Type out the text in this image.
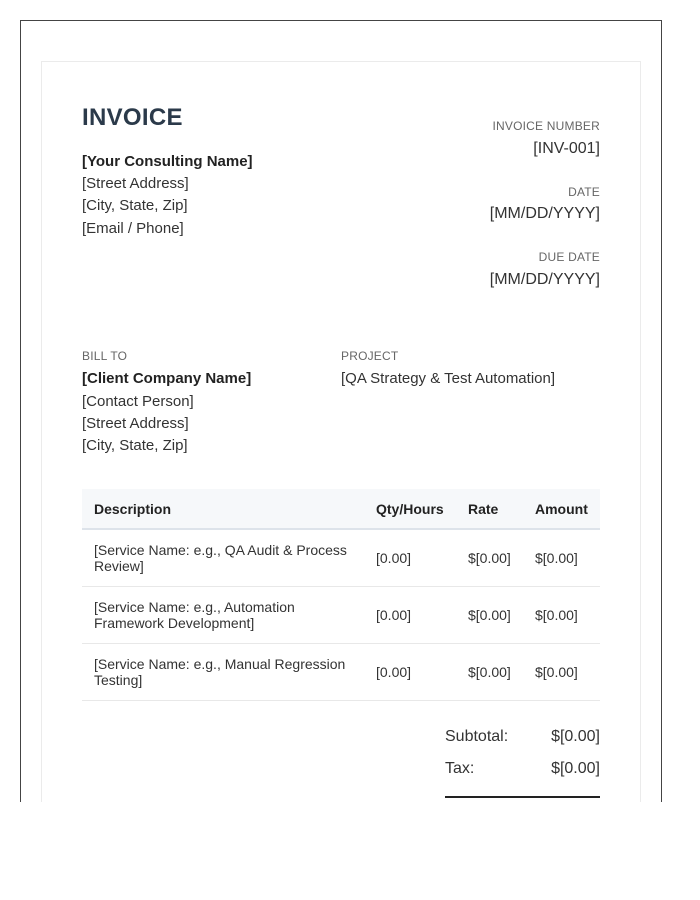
INVOICE
[Your Consulting Name]
[Street Address]
[City, State, Zip]
[Email / Phone]
INVOICE NUMBER
[INV-001]
DATE
[MM/DD/YYYY]
DUE DATE
[MM/DD/YYYY]
BILL TO
[Client Company Name]
[Contact Person]
[Street Address]
[City, State, Zip]
PROJECT
[QA Strategy & Test Automation]
Description	Qty/Hours	Rate	Amount
[Service Name: e.g., QA Audit & Process Review]	[0.00]	$[0.00]	$[0.00]
[Service Name: e.g., Automation Framework Development]	[0.00]	$[0.00]	$[0.00]
[Service Name: e.g., Manual Regression Testing]	[0.00]	$[0.00]	$[0.00]
Subtotal:	$[0.00]
Tax:	$[0.00]
